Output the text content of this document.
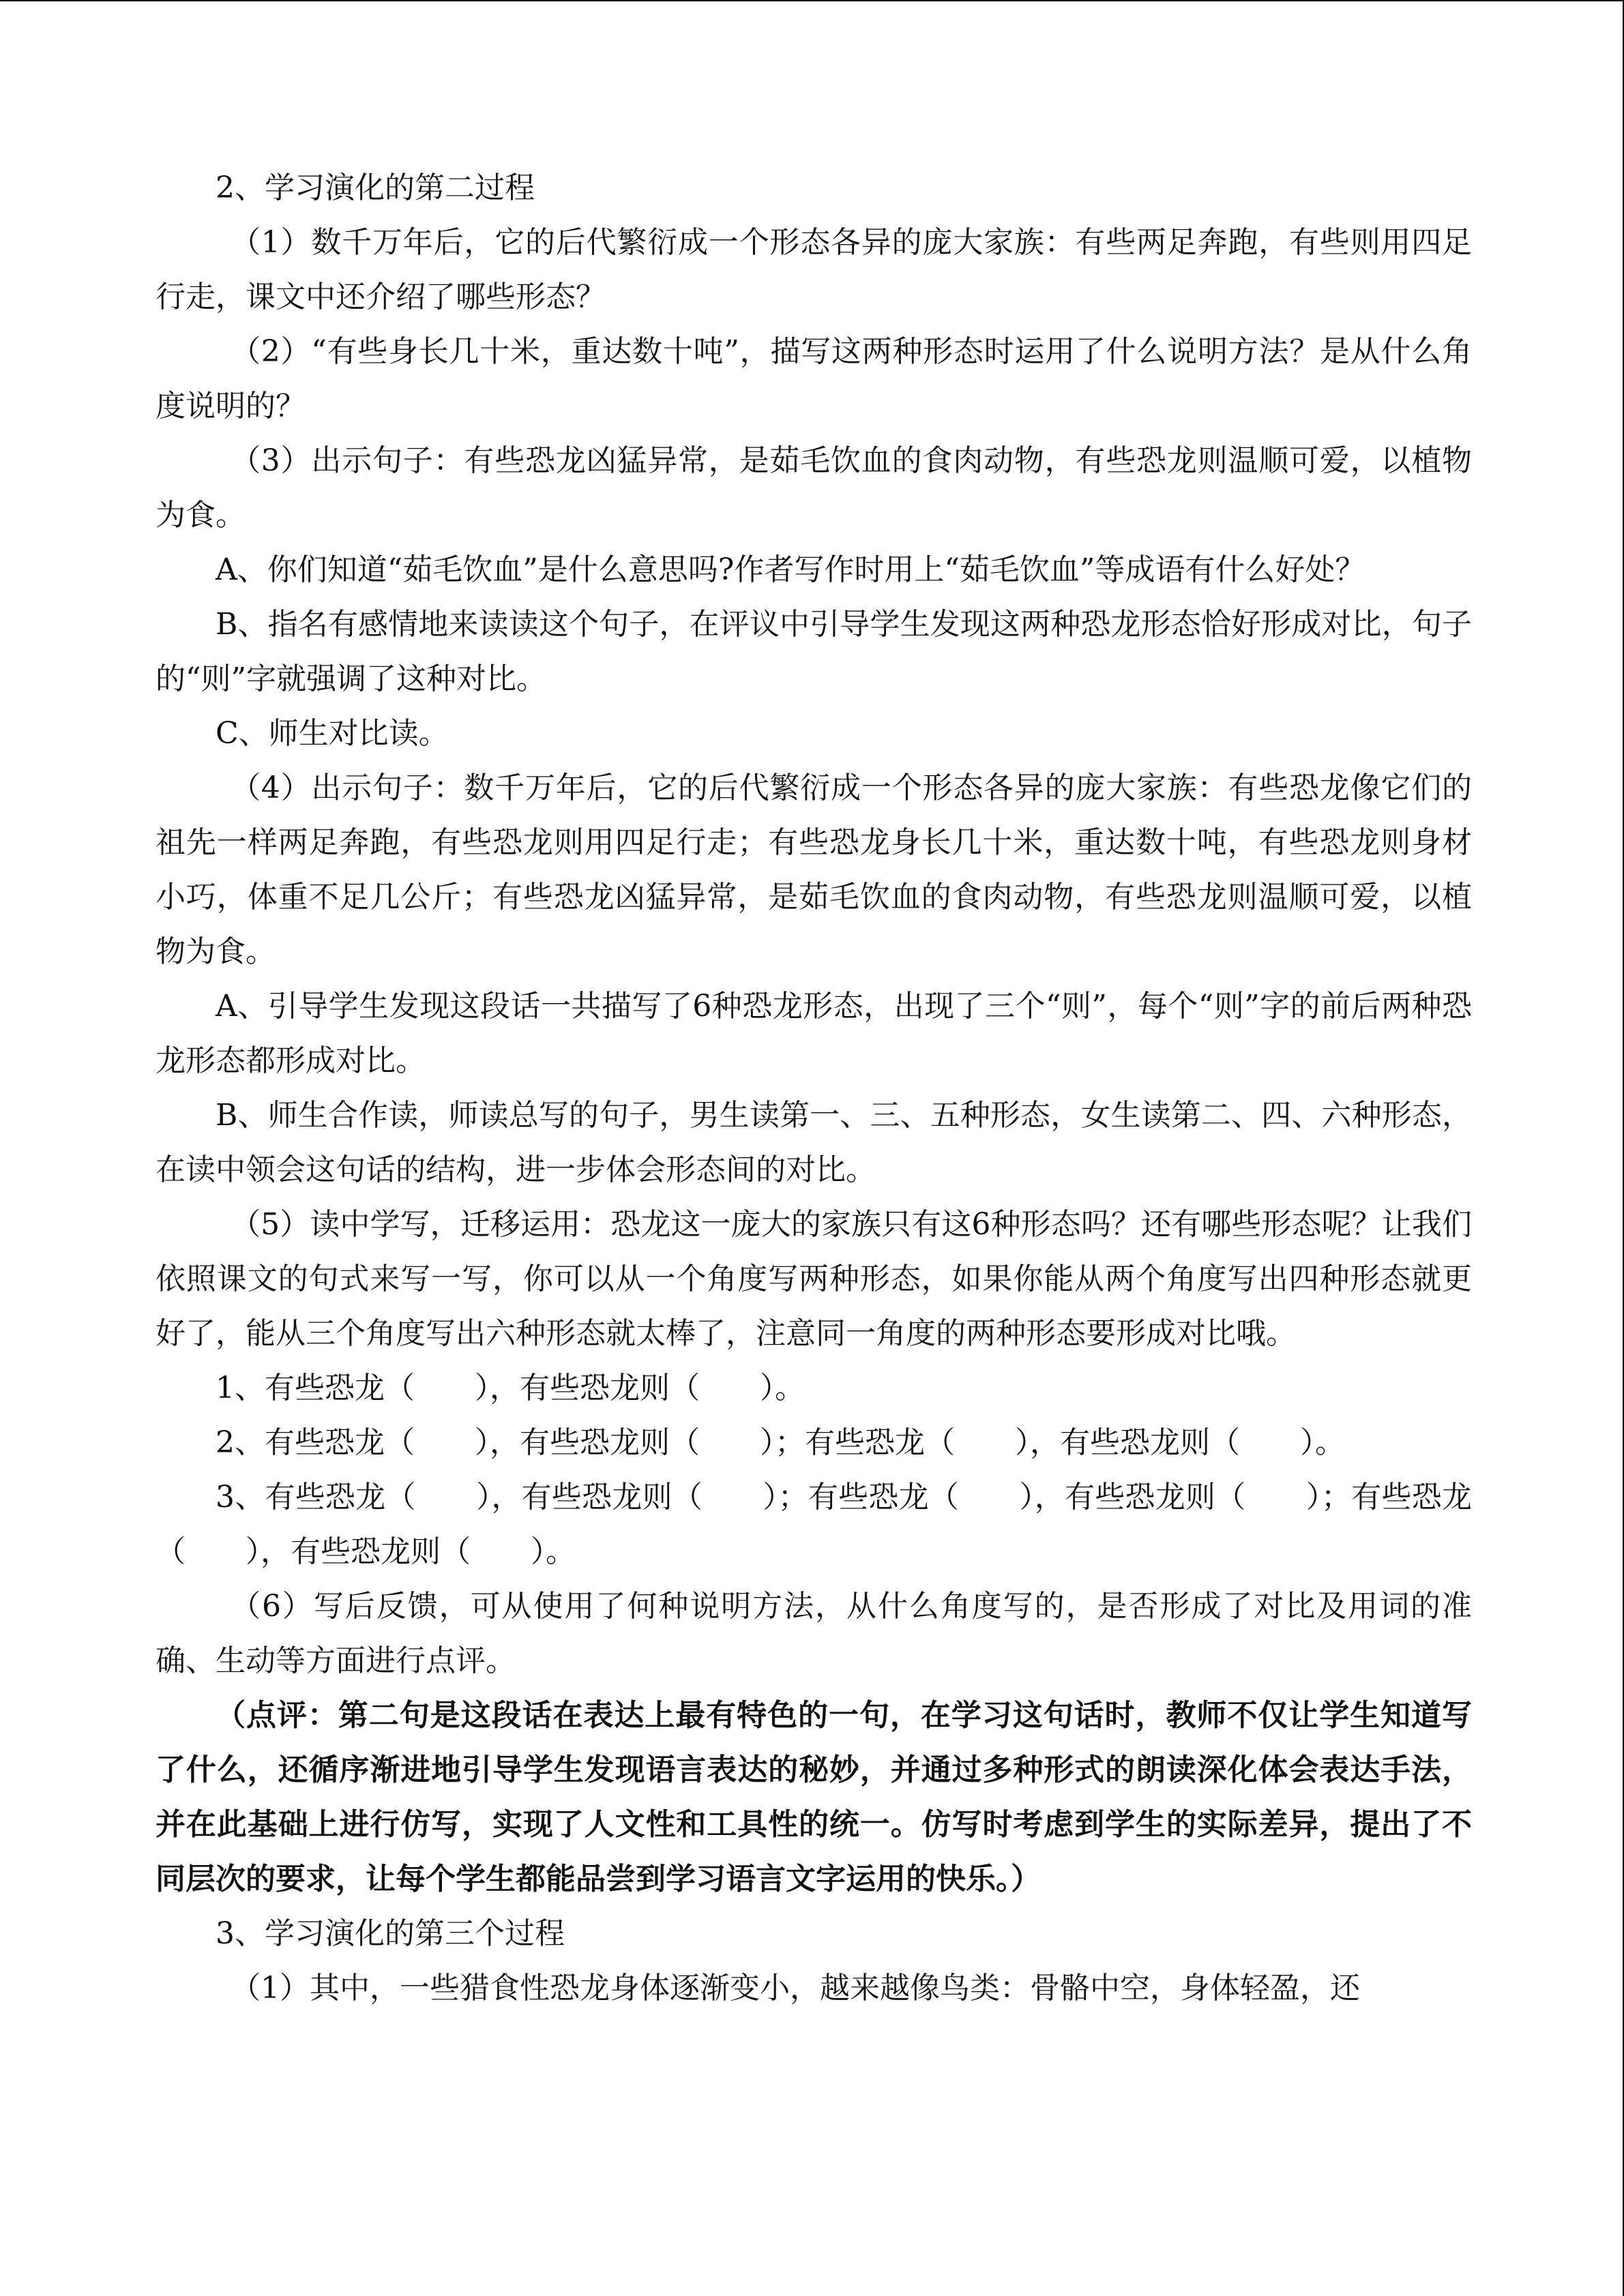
2、学习演化的第二过程

（1）数千万年后，它的后代繁衍成一个形态各异的庞大家族：有些两足奔跑，有些则用四足行走，课文中还介绍了哪些形态？

（2）“有些身长几十米，重达数十吨”，描写这两种形态时运用了什么说明方法？是从什么角度说明的？

（3）出示句子：有些恐龙凶猛异常，是茹毛饮血的食肉动物，有些恐龙则温顺可爱，以植物为食。

A、你们知道“茹毛饮血”是什么意思吗?作者写作时用上“茹毛饮血”等成语有什么好处？

B、指名有感情地来读读这个句子，在评议中引导学生发现这两种恐龙形态恰好形成对比，句子的“则”字就强调了这种对比。

C、师生对比读。

（4）出示句子：数千万年后，它的后代繁衍成一个形态各异的庞大家族：有些恐龙像它们的祖先一样两足奔跑，有些恐龙则用四足行走；有些恐龙身长几十米，重达数十吨，有些恐龙则身材小巧，体重不足几公斤；有些恐龙凶猛异常，是茹毛饮血的食肉动物，有些恐龙则温顺可爱，以植物为食。

A、引导学生发现这段话一共描写了6种恐龙形态，出现了三个“则”，每个“则”字的前后两种恐龙形态都形成对比。

B、师生合作读，师读总写的句子，男生读第一、三、五种形态，女生读第二、四、六种形态，在读中领会这句话的结构，进一步体会形态间的对比。

（5）读中学写，迁移运用：恐龙这一庞大的家族只有这6种形态吗？还有哪些形态呢？让我们依照课文的句式来写一写，你可以从一个角度写两种形态，如果你能从两个角度写出四种形态就更好了，能从三个角度写出六种形态就太棒了，注意同一角度的两种形态要形成对比哦。

1、有些恐龙（　　），有些恐龙则（　　）。

2、有些恐龙（　　），有些恐龙则（　　）；有些恐龙（　　），有些恐龙则（　　）。

3、有些恐龙（　　），有些恐龙则（　　）；有些恐龙（　　），有些恐龙则（　　）；有些恐龙（　　），有些恐龙则（　　）。

（6）写后反馈，可从使用了何种说明方法，从什么角度写的，是否形成了对比及用词的准确、生动等方面进行点评。

（点评：第二句是这段话在表达上最有特色的一句，在学习这句话时，教师不仅让学生知道写了什么，还循序渐进地引导学生发现语言表达的秘妙，并通过多种形式的朗读深化体会表达手法，并在此基础上进行仿写，实现了人文性和工具性的统一。仿写时考虑到学生的实际差异，提出了不同层次的要求，让每个学生都能品尝到学习语言文字运用的快乐。）

3、学习演化的第三个过程

（1）其中，一些猎食性恐龙身体逐渐变小，越来越像鸟类：骨骼中空，身体轻盈，还
